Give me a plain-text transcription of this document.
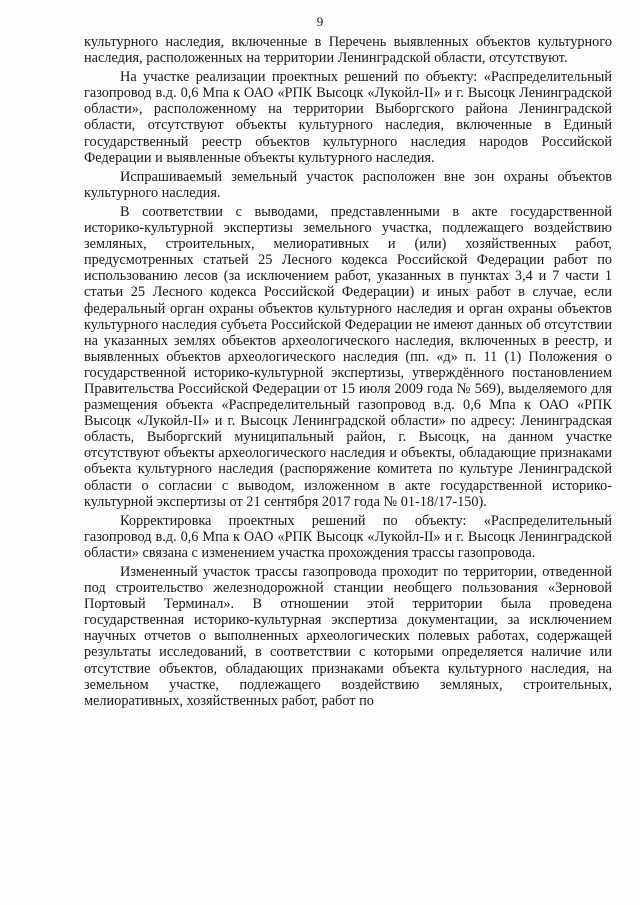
9

культурного наследия, включенные в Перечень выявленных объектов культурного наследия, расположенных на территории Ленинградской области, отсутствуют.

На участке реализации проектных решений по объекту: «Распределительный газопровод в.д. 0,6 Мпа к ОАО «РПК Высоцк «Лукойл-II» и г. Высоцк Ленинградской области», расположенному на территории Выборгского района Ленинградской области, отсутствуют объекты культурного наследия, включенные в Единый государственный реестр объектов культурного наследия народов Российской Федерации и выявленные объекты культурного наследия.

Испрашиваемый земельный участок расположен вне зон охраны объектов культурного наследия.

В соответствии с выводами, представленными в акте государственной историко-культурной экспертизы земельного участка, подлежащего воздействию земляных, строительных, мелиоративных и (или) хозяйственных работ, предусмотренных статьей 25 Лесного кодекса Российской Федерации работ по использованию лесов (за исключением работ, указанных в пунктах 3,4 и 7 части 1 статьи 25 Лесного кодекса Российской Федерации) и иных работ в случае, если федеральный орган охраны объектов культурного наследия и орган охраны объектов культурного наследия субъета Российской Федерации не имеют данных об отсутствии на указанных землях объектов археологического наследия, включенных в реестр, и выявленных объектов археологического наследия (пп. «д» п. 11 (1) Положения о государственной историко-культурной экспертизы, утверждённого постановлением Правительства Российской Федерации от 15 июля 2009 года № 569), выделяемого для размещения объекта «Распределительный газопровод в.д. 0,6 Мпа к ОАО «РПК Высоцк «Лукойл-II» и г. Высоцк Ленинградской области» по адресу: Ленинградская область, Выборгский муниципальный район, г. Высоцк, на данном участке отсутствуют объекты археологического наследия и объекты, обладающие признаками объекта культурного наследия (распоряжение комитета по культуре Ленинградской области о согласии с выводом, изложенном в акте государственной историко-культурной экспертизы от 21 сентября 2017 года № 01-18/17-150).

Корректировка проектных решений по объекту: «Распределительный газопровод в.д. 0,6 Мпа к ОАО «РПК Высоцк «Лукойл-II» и г. Высоцк Ленинградской области» связана с изменением участка прохождения трассы газопровода.

Измененный участок трассы газопровода проходит по территории, отведенной под строительство железнодорожной станции необщего пользования «Зерновой Портовый Терминал». В отношении этой территории была проведена государственная историко-культурная экспертиза документации, за исключением научных отчетов о выполненных археологических полевых работах, содержащей результаты исследований, в соответствии с которыми определяется наличие или отсутствие объектов, обладающих признаками объекта культурного наследия, на земельном участке, подлежащего воздействию земляных, строительных, мелиоративных, хозяйственных работ, работ по
